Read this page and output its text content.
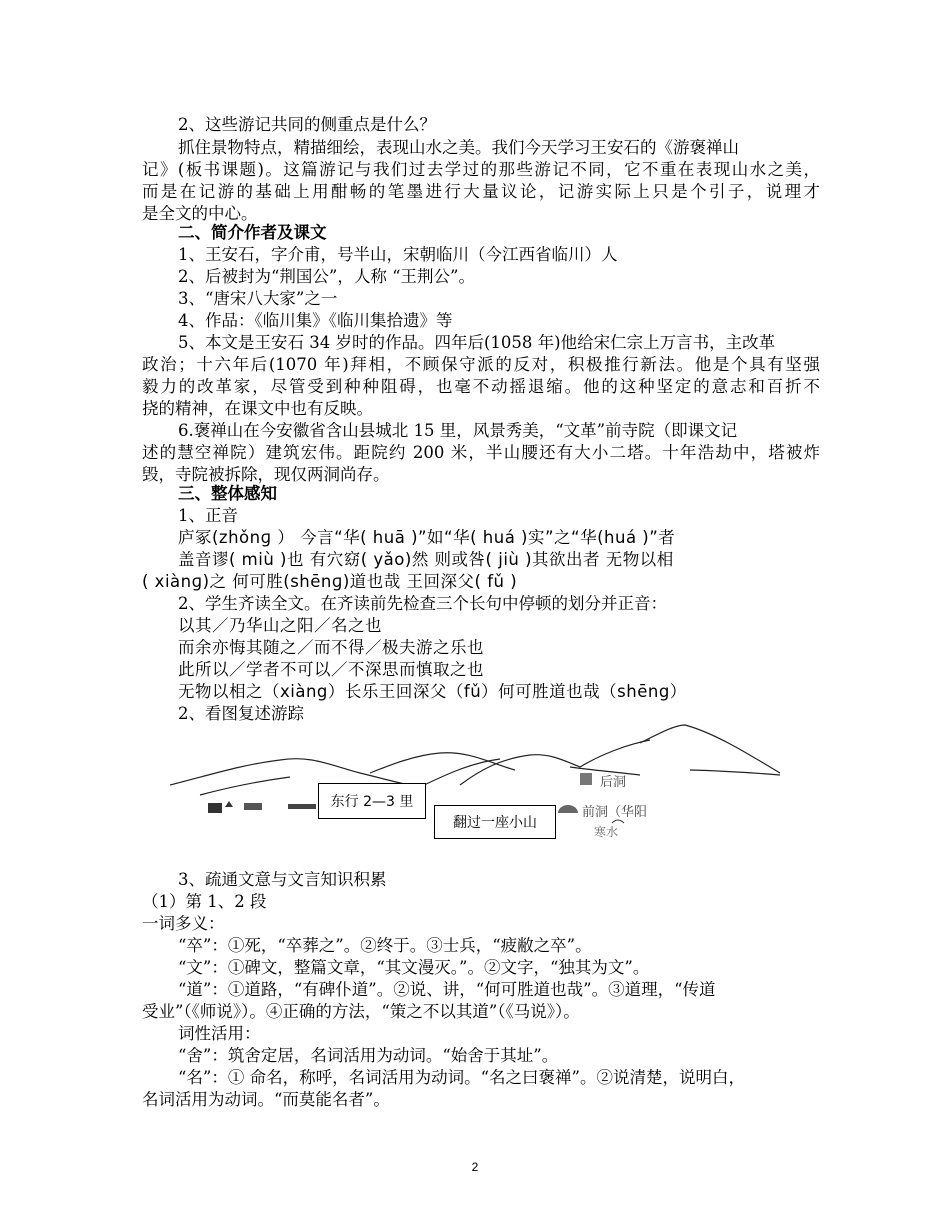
2、这些游记共同的侧重点是什么？
抓住景物特点，精描细绘，表现山水之美。我们今天学习王安石的《游褒禅山
记》(板书课题)。这篇游记与我们过去学过的那些游记不同，它不重在表现山水之美，
而是在记游的基础上用酣畅的笔墨进行大量议论，记游实际上只是个引子，说理才
是全文的中心。
二、简介作者及课文
1、王安石，字介甫，号半山，宋朝临川（今江西省临川）人
2、后被封为“荆国公”，人称 “王荆公”。
3、“唐宋八大家”之一
4、作品：《临川集》《临川集拾遗》等
5、本文是王安石 34 岁时的作品。四年后(1058 年)他给宋仁宗上万言书，主改革
政治；十六年后(1070 年)拜相，不顾保守派的反对，积极推行新法。他是个具有坚强
毅力的改革家，尽管受到种种阻碍，也毫不动摇退缩。他的这种坚定的意志和百折不
挠的精神，在课文中也有反映。
6.褒禅山在今安徽省含山县城北 15 里，风景秀美，“文革”前寺院（即课文记
述的慧空禅院）建筑宏伟。距院约 200 米，半山腰还有大小二塔。十年浩劫中，塔被炸
毁，寺院被拆除，现仅两洞尚存。
三、整体感知
1、正音
庐冢(zhǒnɡ ） 今言“华( huā )”如“华( huá )实”之“华(huá )”者
盖音谬( miù )也 有穴窈( yǎo)然 则或咎( jiù )其欲出者 无物以相
( xiànɡ)之 何可胜(shēnɡ)道也哉 王回深父( fǔ )
2、学生齐读全文。在齐读前先检查三个长句中停顿的划分并正音：
以其／乃华山之阳／名之也
而余亦悔其随之／而不得／极夫游之乐也
此所以／学者不可以／不深思而慎取之也
无物以相之（xiàng）长乐王回深父（fǔ）何可胜道也哉（shēng）
2、看图复述游踪
东行 2—3 里
翻过一座小山
后洞
前洞（华阳
寒水
3、疏通文意与文言知识积累
（1）第 1、2 段
一词多义：
“卒”：①死，“卒葬之”。②终于。③士兵，“疲敝之卒”。
“文”：①碑文，整篇文章，“其文漫灭。”。②文字，“独其为文”。
“道”：①道路，“有碑仆道”。②说、讲，“何可胜道也哉”。③道理，“传道
受业”（《师说》）。④正确的方法，“策之不以其道”（《马说》）。
词性活用：
“舍”：筑舍定居，名词活用为动词。“始舍于其址”。
“名”：① 命名，称呼，名词活用为动词。“名之曰褒禅”。②说清楚，说明白，
名词活用为动词。“而莫能名者”。
2
